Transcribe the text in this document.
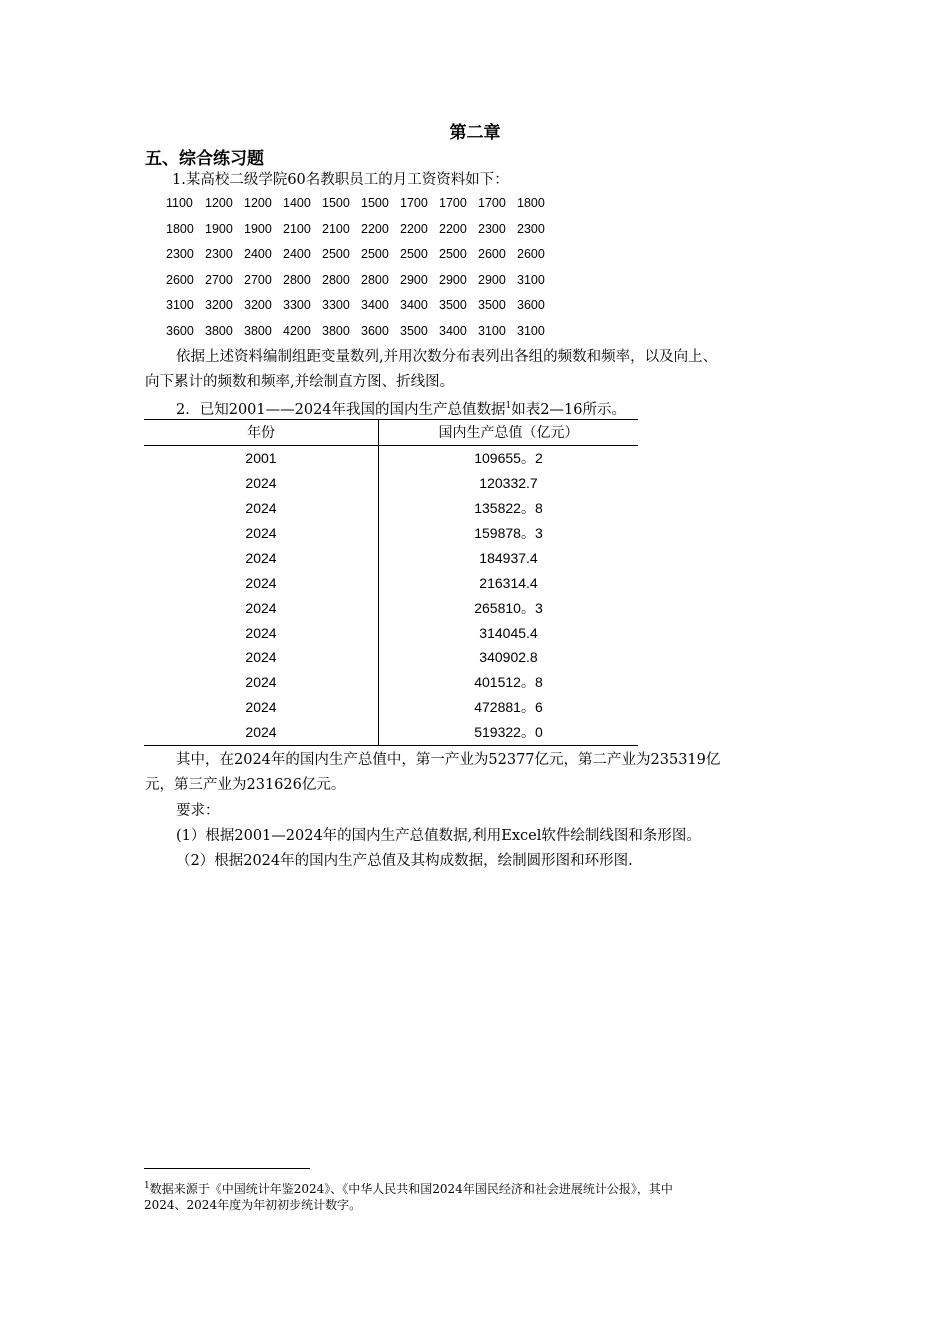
第二章
五、综合练习题
1.某高校二级学院60名教职员工的月工资资料如下：
1100 1200 1200 1400 1500 1500 1700 1700 1700 1800
1800 1900 1900 2100 2100 2200 2200 2200 2300 2300
2300 2300 2400 2400 2500 2500 2500 2500 2600 2600
2600 2700 2700 2800 2800 2800 2900 2900 2900 3100
3100 3200 3200 3300 3300 3400 3400 3500 3500 3600
3600 3800 3800 4200 3800 3600 3500 3400 3100 3100
依据上述资料编制组距变量数列,并用次数分布表列出各组的频数和频率，以及向上、
向下累计的频数和频率,并绘制直方图、折线图。
2．已知2001——2024年我国的国内生产总值数据$^1$如表2—16所示。
年份	国内生产总值（亿元）
2001	109655。2
2024	120332.7
2024	135822。8
2024	159878。3
2024	184937.4
2024	216314.4
2024	265810。3
2024	314045.4
2024	340902.8
2024	401512。8
2024	472881。6
2024	519322。0
其中，在2024年的国内生产总值中，第一产业为52377亿元，第二产业为235319亿
元，第三产业为231626亿元。
要求：
(1）根据2001—2024年的国内生产总值数据,利用Excel软件绘制线图和条形图。
（2）根据2024年的国内生产总值及其构成数据，绘制圆形图和环形图.
$^1$数据来源于《中国统计年鉴2024》、《中华人民共和国2024年国民经济和社会进展统计公报》，其中
2024、2024年度为年初初步统计数字。
